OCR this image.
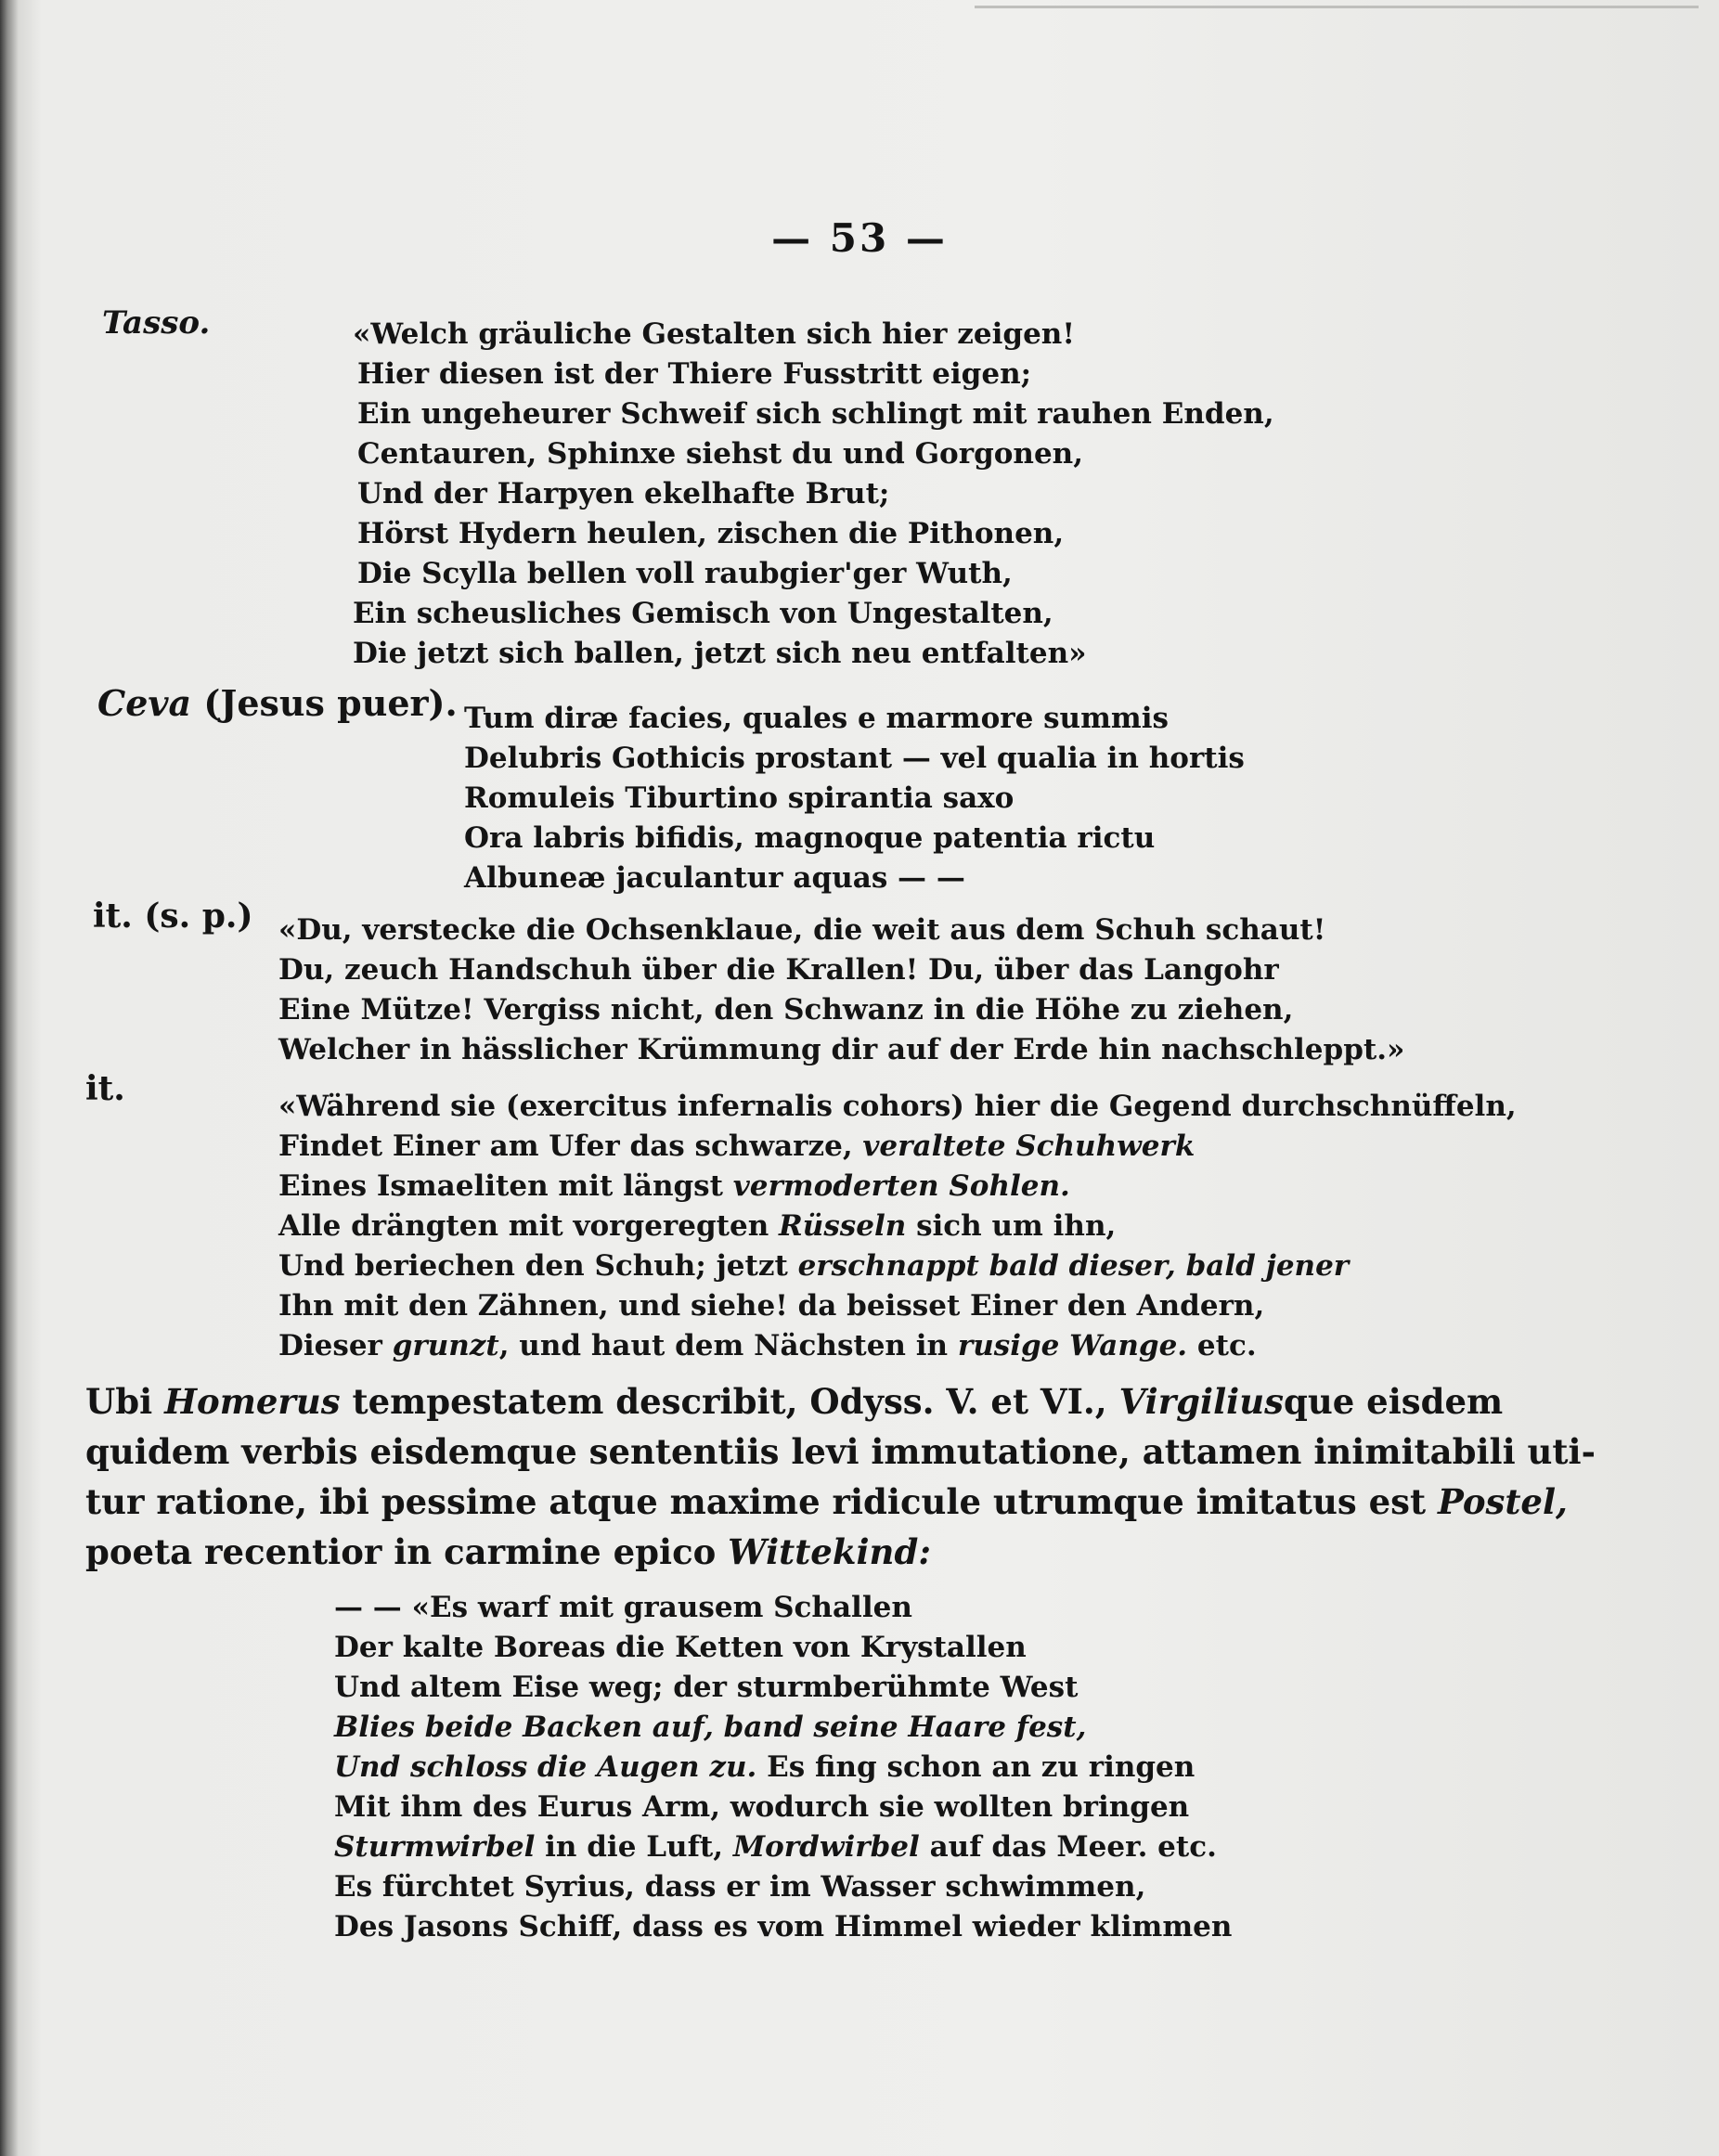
— 53 —
Tasso.	«Welch gräuliche Gestalten sich hier zeigen!
Hier diesen ist der Thiere Fusstritt eigen;
Ein ungeheurer Schweif sich schlingt mit rauhen Enden,
Centauren, Sphinxe siehst du und Gorgonen,
Und der Harpyen ekelhafte Brut;
Hörst Hydern heulen, zischen die Pithonen,
Die Scylla bellen voll raubgier'ger Wuth,
Ein scheusliches Gemisch von Ungestalten,
Die jetzt sich ballen, jetzt sich neu entfalten»
Ceva (Jesus puer). Tum diræ facies, quales e marmore summis
Delubris Gothicis prostant — vel qualia in hortis
Romuleis Tiburtino spirantia saxo
Ora labris bifidis, magnoque patentia rictu
Albuneæ jaculantur aquas — —
it. (s. p.) «Du, verstecke die Ochsenklaue, die weit aus dem Schuh schaut!
Du, zeuch Handschuh über die Krallen! Du, über das Langohr
Eine Mütze! Vergiss nicht, den Schwanz in die Höhe zu ziehen,
Welcher in hässlicher Krümmung dir auf der Erde hin nachschleppt.»
it.	«Während sie (exercitus infernalis cohors) hier die Gegend durchschnüffeln,
Findet Einer am Ufer das schwarze, veraltete Schuhwerk
Eines Ismaeliten mit längst vermoderten Sohlen.
Alle drängten mit vorgeregten Rüsseln sich um ihn,
Und beriechen den Schuh; jetzt erschnappt bald dieser, bald jener
Ihn mit den Zähnen, und siehe! da beisset Einer den Andern,
Dieser grunzt, und haut dem Nächsten in rusige Wange. etc.
Ubi Homerus tempestatem describit, Odyss. V. et VI., Virgiliusque eisdem
quidem verbis eisdemque sententiis levi immutatione, attamen inimitabili uti-
tur ratione, ibi pessime atque maxime ridicule utrumque imitatus est Postel,
poeta recentior in carmine epico Wittekind:
— — «Es warf mit grausem Schallen
Der kalte Boreas die Ketten von Krystallen
Und altem Eise weg; der sturmberühmte West
Blies beide Backen auf, band seine Haare fest,
Und schloss die Augen zu. Es fing schon an zu ringen
Mit ihm des Eurus Arm, wodurch sie wollten bringen
Sturmwirbel in die Luft, Mordwirbel auf das Meer. etc.
Es fürchtet Syrius, dass er im Wasser schwimmen,
Des Jasons Schiff, dass es vom Himmel wieder klimmen
